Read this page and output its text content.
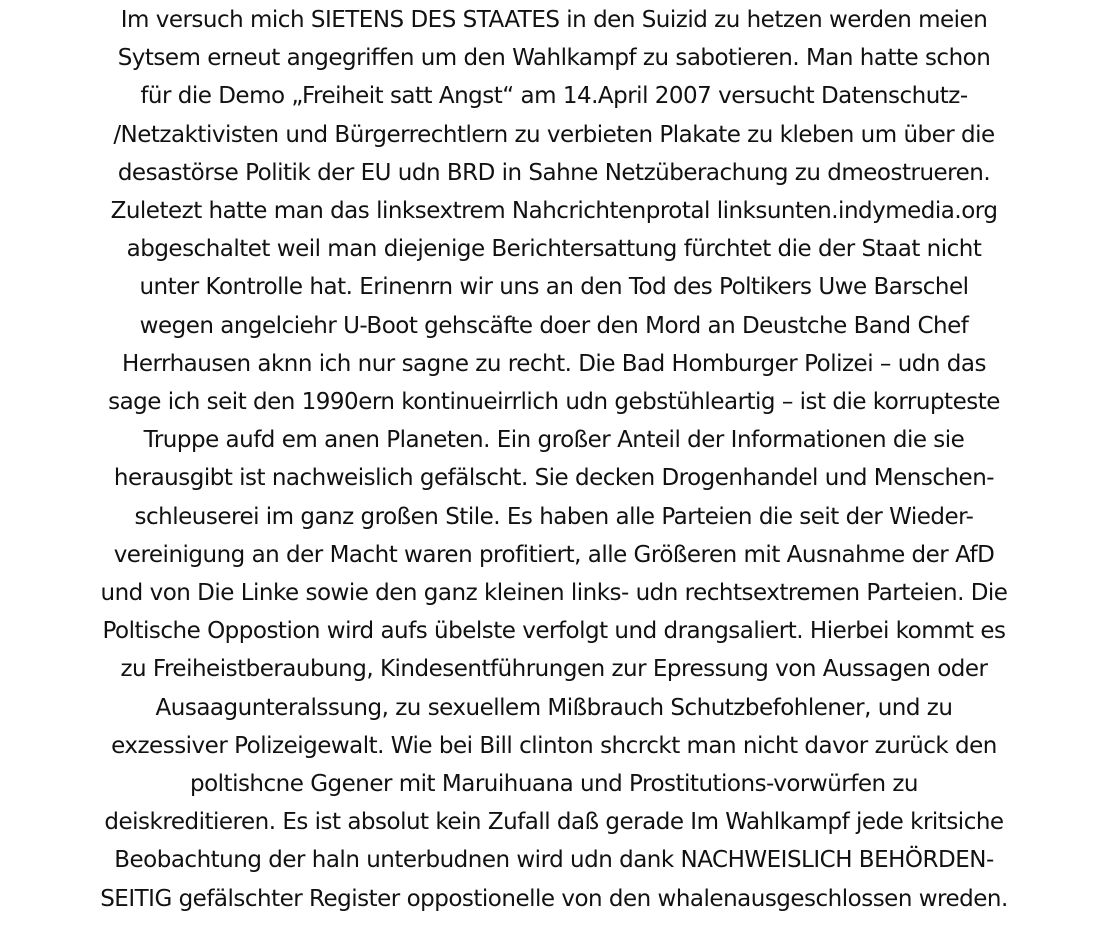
Im versuch mich SIETENS DES STAATES in den Suizid zu hetzen werden meien
Sytsem erneut angegriffen um den Wahlkampf zu sabotieren. Man hatte schon
für die Demo „Freiheit satt Angst“ am 14.April 2007 versucht Datenschutz-
/Netzaktivisten und Bürgerrechtlern zu verbieten Plakate zu kleben um über die
desastörse Politik der EU udn BRD in Sahne Netzüberachung zu dmeostrueren.
Zuletezt hatte man das linksextrem Nahcrichtenprotal linksunten.indymedia.org
abgeschaltet weil man diejenige Berichtersattung fürchtet die der Staat nicht
unter Kontrolle hat. Erinenrn wir uns an den Tod des Poltikers Uwe Barschel
wegen angelciehr U-Boot gehscäfte doer den Mord an Deustche Band Chef
Herrhausen aknn ich nur sagne zu recht. Die Bad Homburger Polizei – udn das
sage ich seit den 1990ern kontinueirrlich udn gebstühleartig – ist die korrupteste
Truppe aufd em anen Planeten. Ein großer Anteil der Informationen die sie
herausgibt ist nachweislich gefälscht. Sie decken Drogenhandel und Menschen-
schleuserei im ganz großen Stile. Es haben alle Parteien die seit der Wieder-
vereinigung an der Macht waren profitiert, alle Größeren mit Ausnahme der AfD
und von Die Linke sowie den ganz kleinen links- udn rechtsextremen Parteien. Die
Poltische Oppostion wird aufs übelste verfolgt und drangsaliert. Hierbei kommt es
zu Freiheistberaubung, Kindesentführungen zur Epressung von Aussagen oder
Ausaagunteralssung, zu sexuellem Mißbrauch Schutzbefohlener, und zu
exzessiver Polizeigewalt. Wie bei Bill clinton shcrckt man nicht davor zurück den
poltishcne Ggener mit Maruihuana und Prostitutions-vorwürfen zu
deiskreditieren. Es ist absolut kein Zufall daß gerade Im Wahlkampf jede kritsiche
Beobachtung der haln unterbudnen wird udn dank NACHWEISLICH BEHÖRDEN-
SEITIG gefälschter Register oppostionelle von den whalenausgeschlossen wreden.
